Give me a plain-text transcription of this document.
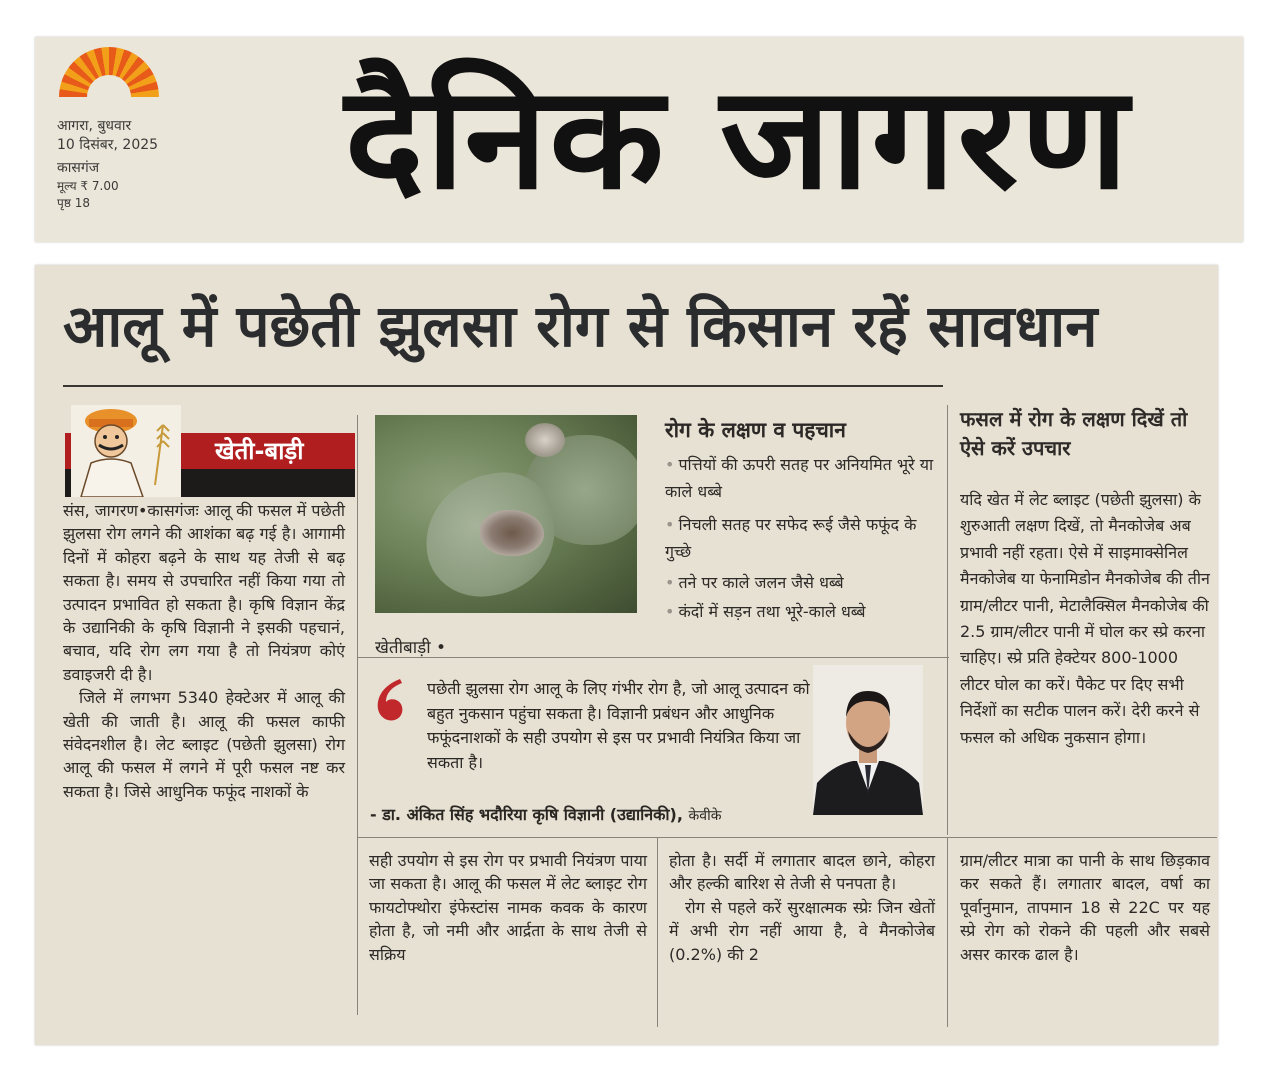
आगरा, बुधवार
10 दिसंबर, 2025
कासगंज
मूल्य ₹ 7.00
पृष्ठ 18	दैनिक जागरण
आलू में पछेती झुलसा रोग से किसान रहें सावधान
खेती-बाड़ी

संस, जागरण•कासगंजः आलू की फसल में पछेती झुलसा रोग लगने की आशंका बढ़ गई है। आगामी दिनों में कोहरा बढ़ने के साथ यह तेजी से बढ़ सकता है। समय से उपचारित नहीं किया गया तो उत्पादन प्रभावित हो सकता है। कृषि विज्ञान केंद्र के उद्यानिकी के कृषि विज्ञानी ने इसकी पहचानं, बचाव, यदि रोग लग गया है तो नियंत्रण कोएं डवाइजरी दी है।

जिले में लगभग 5340 हेक्टेअर में आलू की खेती की जाती है। आलू की फसल काफी संवेदनशील है। लेट ब्लाइट (पछेती झुलसा) रोग आलू की फसल में लगने में पूरी फसल नष्ट कर सकता है। जिसे आधुनिक फफूंद नाशकों के

खेतीबाड़ी •
रोग के लक्षण व पहचान
• पत्तियों की ऊपरी सतह पर अनियमित भूरे या काले धब्बे
• निचली सतह पर सफेद रूई जैसे फफूंद के गुच्छे
• तने पर काले जलन जैसे धब्बे
• कंदों में सड़न तथा भूरे-काले धब्बे
पछेती झुलसा रोग आलू के लिए गंभीर रोग है, जो आलू उत्पादन को बहुत नुकसान पहुंचा सकता है। विज्ञानी प्रबंधन और आधुनिक फफूंदनाशकों के सही उपयोग से इस पर प्रभावी नियंत्रित किया जा सकता है।
- डा. अंकित सिंह भदौरिया कृषि विज्ञानी (उद्यानिकी), केवीके
फसल में रोग के लक्षण दिखें तो ऐसे करें उपचार
यदि खेत में लेट ब्लाइट (पछेती झुलसा) के शुरुआती लक्षण दिखें, तो मैनकोजेब अब प्रभावी नहीं रहता। ऐसे में साइमाक्सेनिल मैनकोजेब या फेनामिडोन मैनकोजेब की तीन ग्राम/लीटर पानी, मेटालैक्सिल मैनकोजेब की 2.5 ग्राम/लीटर पानी में घोल कर स्प्रे करना चाहिए। स्प्रे प्रति हेक्टेयर 800-1000 लीटर घोल का करें। पैकेट पर दिए सभी निर्देशों का सटीक पालन करें। देरी करने से फसल को अधिक नुकसान होगा।

सही उपयोग से इस रोग पर प्रभावी नियंत्रण पाया जा सकता है। आलू की फसल में लेट ब्लाइट रोग फायटोफ्थोरा इंफेस्टांस नामक कवक के कारण होता है, जो नमी और आर्द्रता के साथ तेजी से सक्रिय

होता है। सर्दी में लगातार बादल छाने, कोहरा और हल्की बारिश से तेजी से पनपता है।

रोग से पहले करें सुरक्षात्मक स्प्रेः जिन खेतों में अभी रोग नहीं आया है, वे मैनकोजेब (0.2%) की 2

ग्राम/लीटर मात्रा का पानी के साथ छिड़काव कर सकते हैं। लगातार बादल, वर्षा का पूर्वानुमान, तापमान 18 से 22C पर यह स्प्रे रोग को रोकने की पहली और सबसे असर कारक ढाल है।
